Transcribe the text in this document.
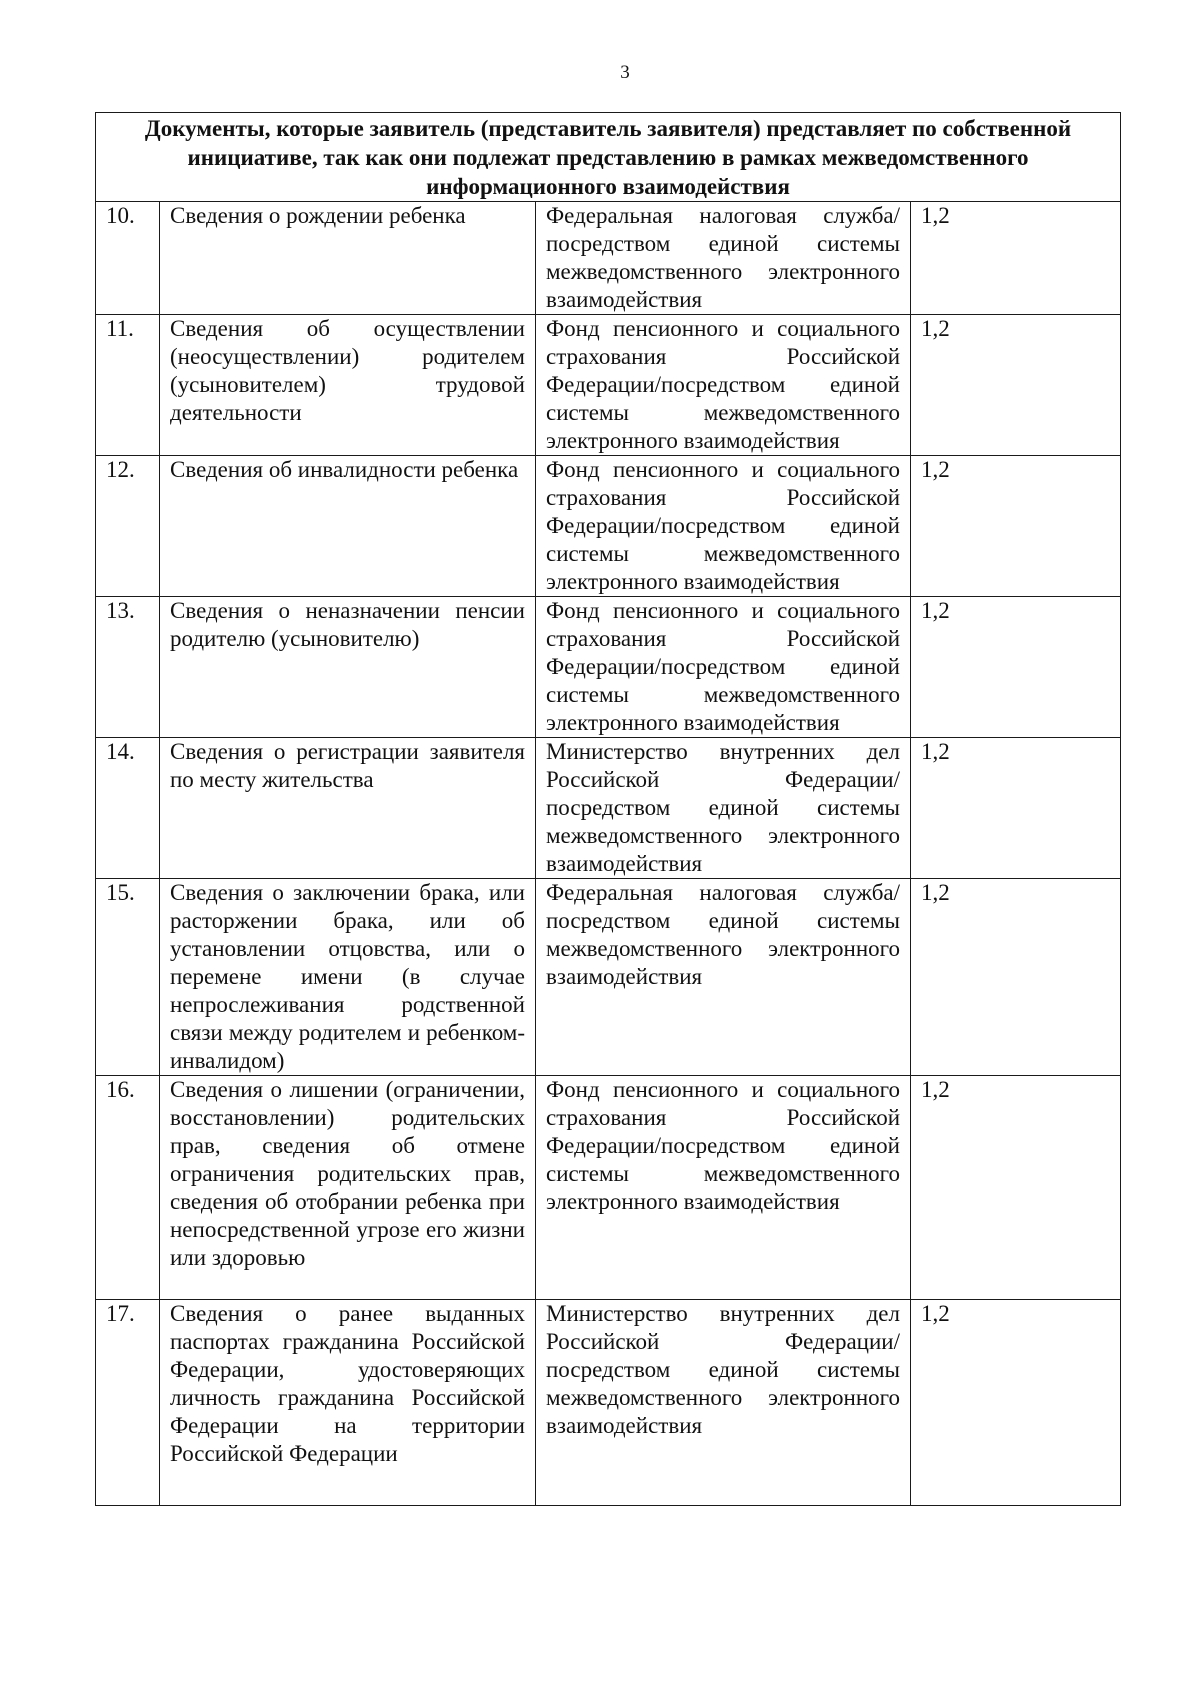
3
Документы, которые заявитель (представитель заявителя) представляет по собственной инициативе, так как они подлежат представлению в рамках межведомственного информационного взаимодействия			
10.	Сведения о рождении ребенка	Федеральная налоговая служба/посредством единой системы межведомственного электронного взаимодействия	1,2
11.	Сведения об осуществлении (неосуществлении) родителем (усыновителем) трудовой деятельности	Фонд пенсионного и социального страхования Российской Федерации/посредством единой системы межведомственного электронного взаимодействия	1,2
12.	Сведения об инвалидности ребенка	Фонд пенсионного и социального страхования Российской Федерации/посредством единой системы межведомственного электронного взаимодействия	1,2
13.	Сведения о неназначении пенсии родителю (усыновителю)	Фонд пенсионного и социального страхования Российской Федерации/посредством единой системы межведомственного электронного взаимодействия	1,2
14.	Сведения о регистрации заявителя по месту жительства	Министерство внутренних дел Российской Федерации/посредством единой системы межведомственного электронного взаимодействия	1,2
15.	Сведения о заключении брака, или расторжении брака, или об установлении отцовства, или о перемене имени (в случае непрослеживания родственной связи между родителем и ребенком-инвалидом)	Федеральная налоговая служба/посредством единой системы межведомственного электронного взаимодействия	1,2
16.	Сведения о лишении (ограничении, восстановлении) родительских прав, сведения об отмене ограничения родительских прав, сведения об отобрании ребенка при непосредственной угрозе его жизни или здоровью	Фонд пенсионного и социального страхования Российской Федерации/посредством единой системы межведомственного электронного взаимодействия	1,2
17.	Сведения о ранее выданных паспортах гражданина Российской Федерации, удостоверяющих личность гражданина Российской Федерации на территории Российской Федерации	Министерство внутренних дел Российской Федерации/ посредством единой системы межведомственного электронного взаимодействия	1,2
